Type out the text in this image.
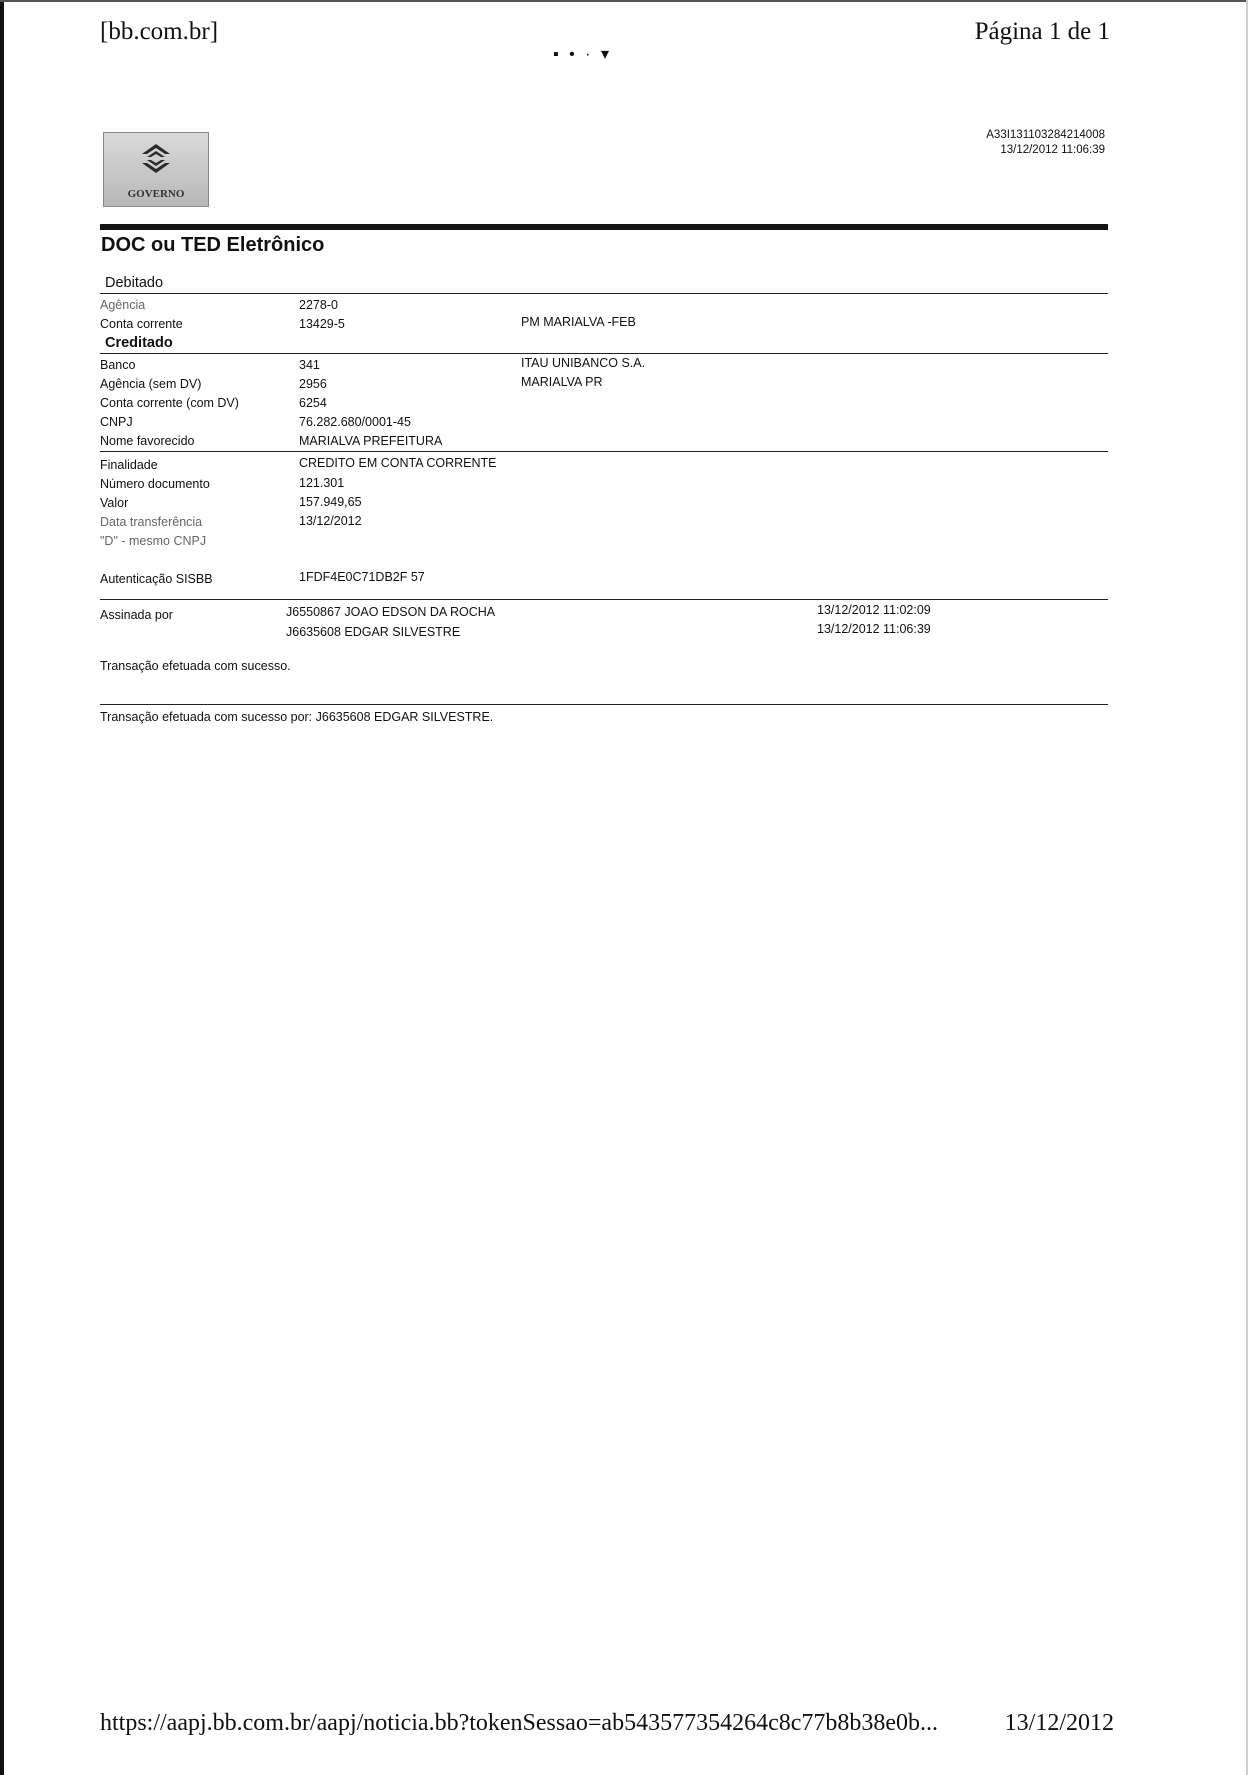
[bb.com.br]	Página 1 de 1
▪ • · ▾
GOVERNO
A33I131103284214008
13/12/2012 11:06:39
DOC ou TED Eletrônico
Debitado
Agência	2278-0
Conta corrente	13429-5	PM MARIALVA -FEB
Creditado
Banco	341	ITAU UNIBANCO S.A.
Agência (sem DV)	2956	MARIALVA PR
Conta corrente (com DV)	6254
CNPJ	76.282.680/0001-45
Nome favorecido	MARIALVA PREFEITURA
Finalidade	CREDITO EM CONTA CORRENTE
Número documento	121.301
Valor	157.949,65
Data transferência	13/12/2012
"D" - mesmo CNPJ
Autenticação SISBB	1FDF4E0C71DB2F 57
Assinada por	J6550867 JOAO EDSON DA ROCHA	13/12/2012 11:02:09
J6635608 EDGAR SILVESTRE	13/12/2012 11:06:39
Transação efetuada com sucesso.
Transação efetuada com sucesso por: J6635608 EDGAR SILVESTRE.
https://aapj.bb.com.br/aapj/noticia.bb?tokenSessao=ab543577354264c8c77b8b38e0b...	13/12/2012
